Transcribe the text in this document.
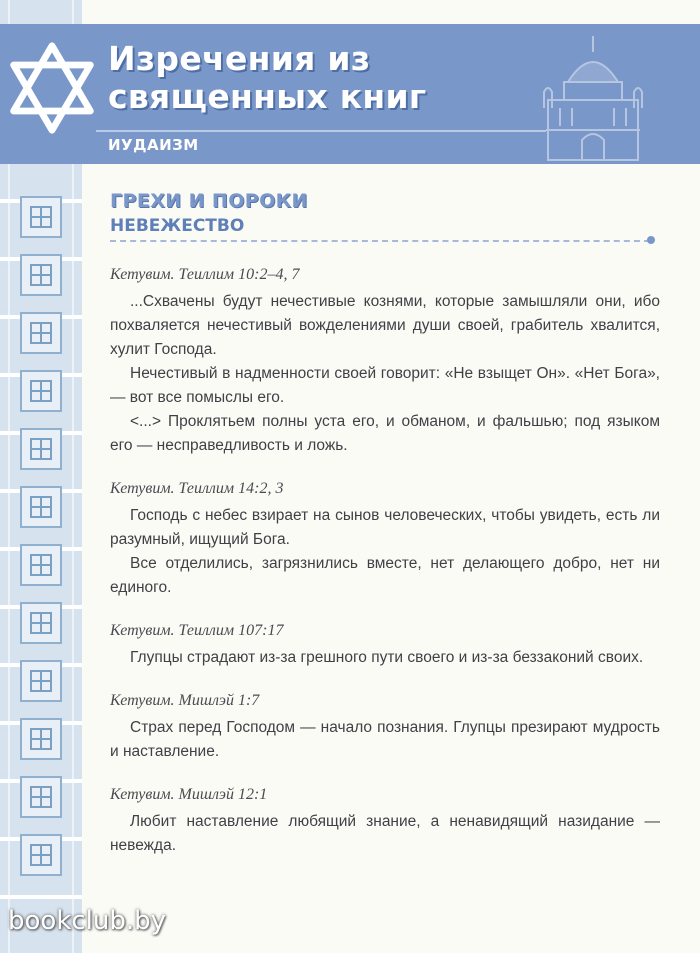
Изречения из
священных книг
ИУДАИЗМ
ГРЕХИ И ПОРОКИ
НЕВЕЖЕСТВО

Кетувим. Теиллим 10:2–4, 7

...Схвачены будут нечестивые кознями, которые замышляли они, ибо похваляется нечестивый вожделениями души своей, грабитель хвалится, хулит Господа.

Нечестивый в надменности своей говорит: «Не взыщет Он». «Нет Бога», — вот все помыслы его.

<...> Проклятьем полны уста его, и обманом, и фальшью; под языком его — несправедливость и ложь.

Кетувим. Теиллим 14:2, 3

Господь с небес взирает на сынов человеческих, чтобы увидеть, есть ли разумный, ищущий Бога.

Все отделились, загрязнились вместе, нет делающего добро, нет ни единого.

Кетувим. Теиллим 107:17

Глупцы страдают из-за грешного пути своего и из-за беззаконий своих.

Кетувим. Мишлэй 1:7

Страх перед Господом — начало познания. Глупцы презирают мудрость и наставление.

Кетувим. Мишлэй 12:1

Любит наставление любящий знание, а ненавидящий назидание — невежда.

bookclub.by
